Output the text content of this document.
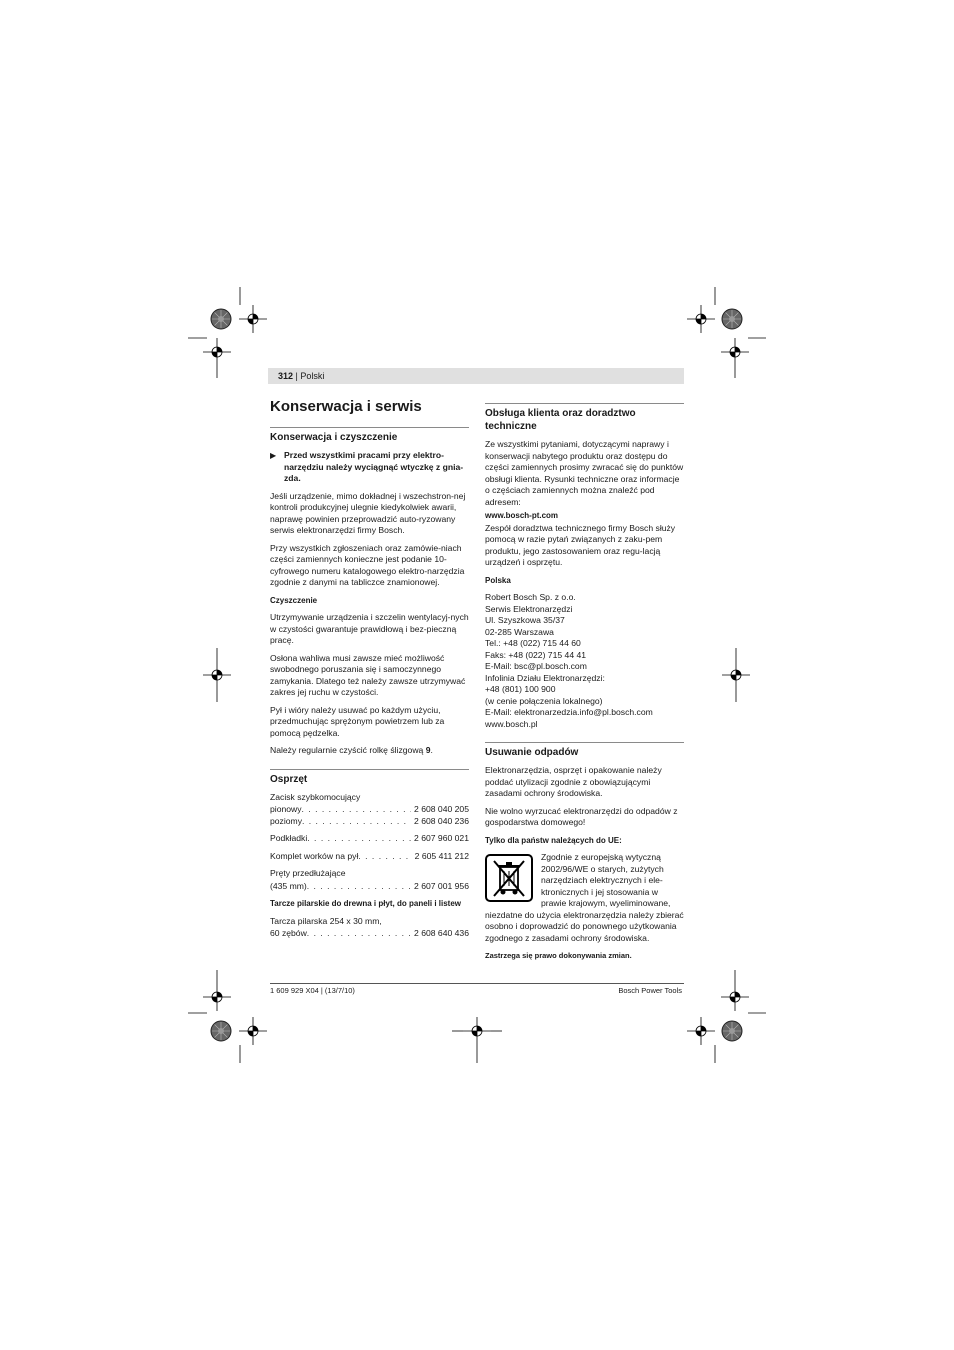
312 | Polski
Konserwacja i serwis
Konserwacja i czyszczenie
▶ Przed wszystkimi pracami przy elektro-narzędziu należy wyciągnąć wtyczkę z gnia-zda.

Jeśli urządzenie, mimo dokładnej i wszechstron-nej kontroli produkcyjnej ulegnie kiedykolwiek awarii, naprawę powinien przeprowadzić auto-ryzowany serwis elektronarzędzi firmy Bosch.

Przy wszystkich zgłoszeniach oraz zamówie-niach części zamiennych konieczne jest podanie 10-cyfrowego numeru katalogowego elektro-narzędzia zgodnie z danymi na tabliczce znamionowej.

Czyszczenie

Utrzymywanie urządzenia i szczelin wentylacyj-nych w czystości gwarantuje prawidłową i bez-pieczną pracę.

Osłona wahliwa musi zawsze mieć możliwość swobodnego poruszania się i samoczynnego zamykania. Dlatego też należy zawsze utrzymywać zakres jej ruchu w czystości.

Pył i wióry należy usuwać po każdym użyciu, przedmuchując sprężonym powietrzem lub za pomocą pędzelka.

Należy regularnie czyścić rolkę ślizgową 9.

Osprzęt
Zacisk szybkomocujący
pionowy . . .	2 608 040 205
poziomy . . .	2 608 040 236
Podkładki . . .	2 607 960 021
Komplet worków na pył . . .	2 605 411 212
Pręty przedłużające
(435 mm) . . .	2 607 001 956
Tarcze pilarskie do drewna i płyt, do paneli i listew
Tarcza pilarska 254 x 30 mm,
60 zębów . . .	2 608 640 436
Obsługa klienta oraz doradztwo techniczne

Ze wszystkimi pytaniami, dotyczącymi naprawy i konserwacji nabytego produktu oraz dostępu do części zamiennych prosimy zwracać się do punktów obsługi klienta. Rysunki techniczne oraz informacje o częściach zamiennych można znaleźć pod adresem:

www.bosch-pt.com

Zespół doradztwa technicznego firmy Bosch służy pomocą w razie pytań związanych z zaku-pem produktu, jego zastosowaniem oraz regu-lacją urządzeń i osprzętu.

Polska
Robert Bosch Sp. z o.o.
Serwis Elektronarzędzi
Ul. Szyszkowa 35/37
02-285 Warszawa
Tel.: +48 (022) 715 44 60
Faks: +48 (022) 715 44 41
E-Mail: bsc@pl.bosch.com
Infolinia Działu Elektronarzędzi:
+48 (801) 100 900
(w cenie połączenia lokalnego)
E-Mail: elektronarzedzia.info@pl.bosch.com
www.bosch.pl
Usuwanie odpadów

Elektronarzędzia, osprzęt i opakowanie należy poddać utylizacji zgodnie z obowiązującymi zasadami ochrony środowiska.

Nie wolno wyrzucać elektronarzędzi do odpadów z gospodarstwa domowego!

Tylko dla państw należących do UE:
Zgodnie z europejską wytyczną 2002/96/WE o starych, zużytych narzędziach elektrycznych i ele-ktronicznych i jej stosowania w prawie krajowym, wyeliminowane, niezdatne do użycia elektronarzędzia należy zbierać osobno i doprowadzić do ponownego użytkowania zgodnego z zasadami ochrony środowiska.
Zastrzega się prawo dokonywania zmian.
1 609 929 X04 | (13/7/10)	Bosch Power Tools
